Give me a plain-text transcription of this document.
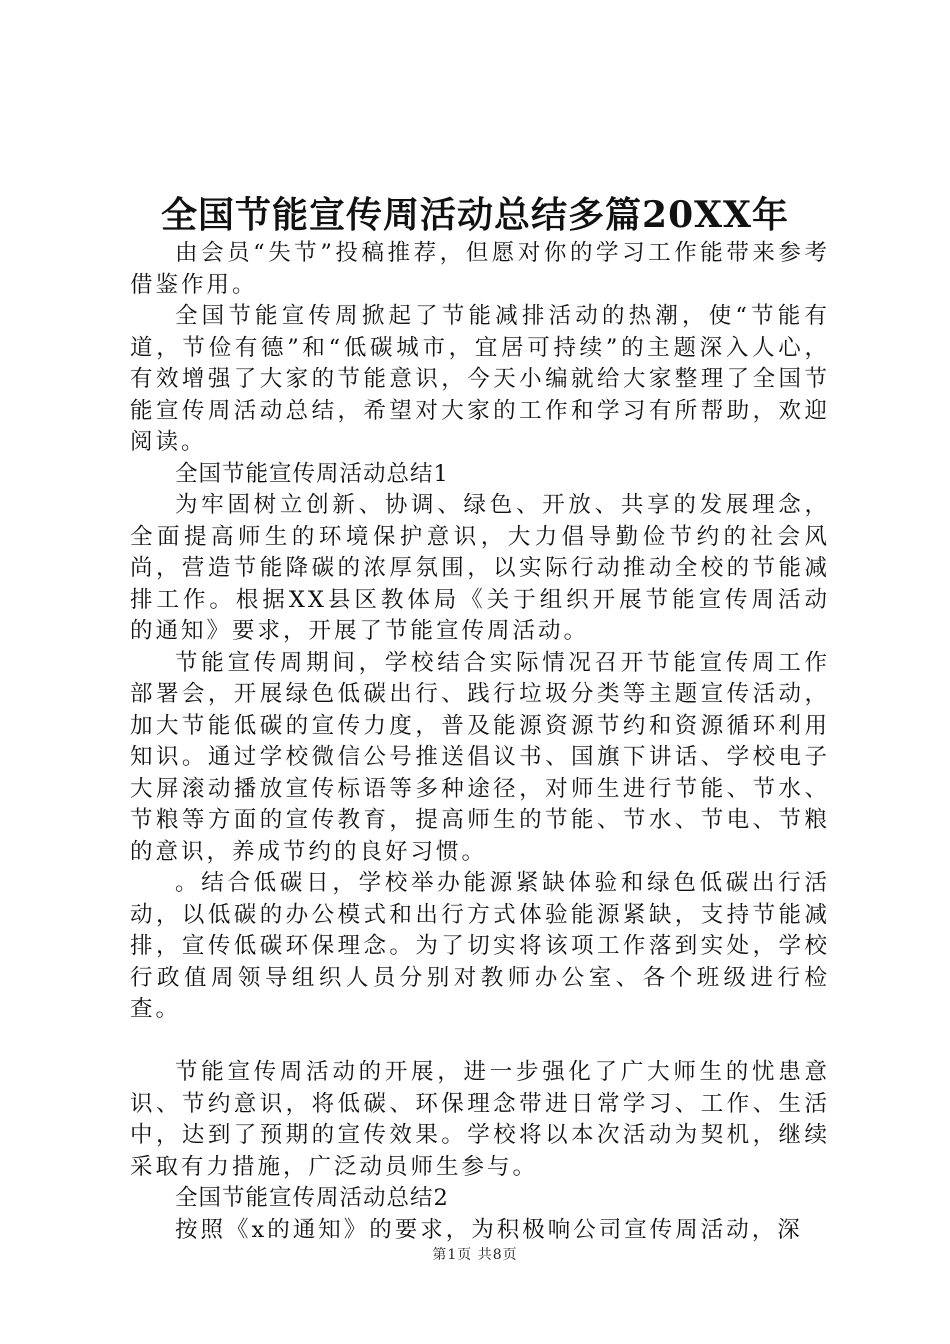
全国节能宣传周活动总结多篇20XX年

由会员“失节”投稿推荐，但愿对你的学习工作能带来参考借鉴作用。

全国节能宣传周掀起了节能减排活动的热潮，使“节能有道，节俭有德”和“低碳城市，宜居可持续”的主题深入人心，有效增强了大家的节能意识，今天小编就给大家整理了全国节能宣传周活动总结，希望对大家的工作和学习有所帮助，欢迎阅读。

全国节能宣传周活动总结1

为牢固树立创新、协调、绿色、开放、共享的发展理念，全面提高师生的环境保护意识，大力倡导勤俭节约的社会风尚，营造节能降碳的浓厚氛围，以实际行动推动全校的节能减排工作。根据XX县区教体局《关于组织开展节能宣传周活动的通知》要求，开展了节能宣传周活动。

节能宣传周期间，学校结合实际情况召开节能宣传周工作部署会，开展绿色低碳出行、践行垃圾分类等主题宣传活动，加大节能低碳的宣传力度，普及能源资源节约和资源循环利用知识。通过学校微信公号推送倡议书、国旗下讲话、学校电子大屏滚动播放宣传标语等多种途径，对师生进行节能、节水、节粮等方面的宣传教育，提高师生的节能、节水、节电、节粮的意识，养成节约的良好习惯。

。结合低碳日，学校举办能源紧缺体验和绿色低碳出行活动，以低碳的办公模式和出行方式体验能源紧缺，支持节能减排，宣传低碳环保理念。为了切实将该项工作落到实处，学校行政值周领导组织人员分别对教师办公室、各个班级进行检查。

节能宣传周活动的开展，进一步强化了广大师生的忧患意识、节约意识，将低碳、环保理念带进日常学习、工作、生活中，达到了预期的宣传效果。学校将以本次活动为契机，继续采取有力措施，广泛动员师生参与。

全国节能宣传周活动总结2

按照《x的通知》的要求，为积极响公司宣传周活动，深

第1页 共8页
